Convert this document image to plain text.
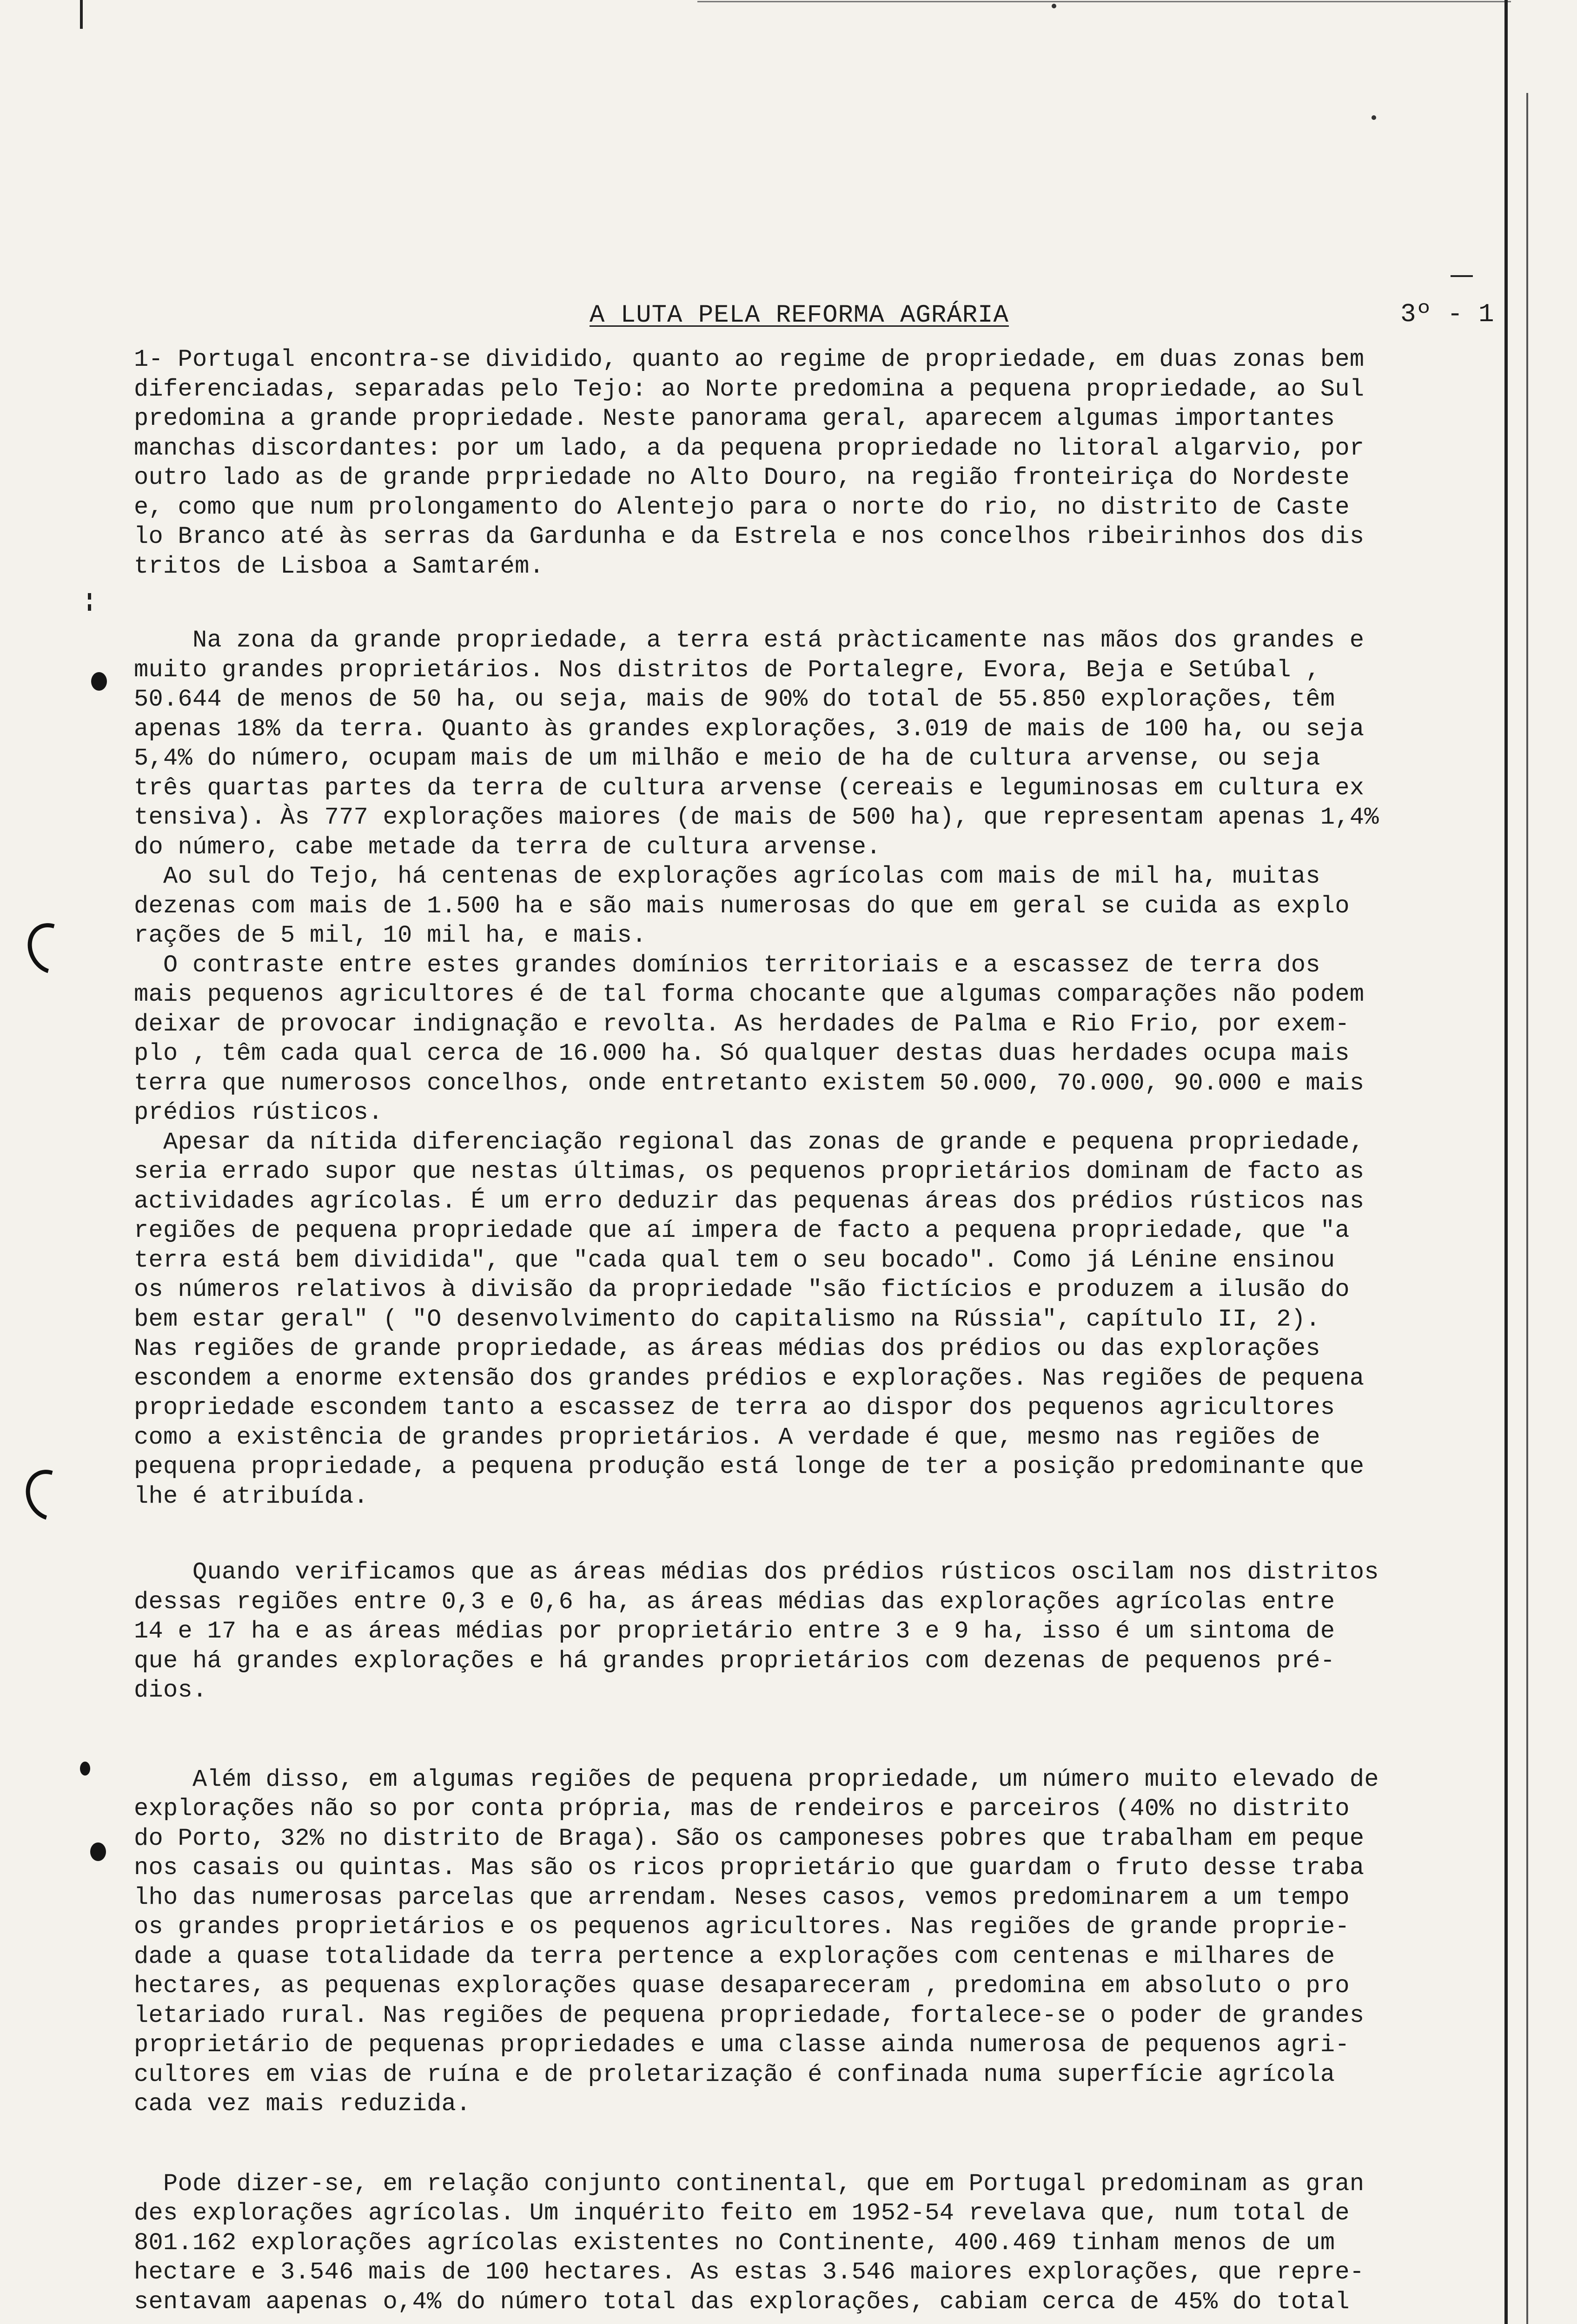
A LUTA PELA REFORMA AGRÁRIA	3º - 1

1- Portugal encontra-se dividido, quanto ao regime de propriedade, em duas zonas bem
diferenciadas, separadas pelo Tejo: ao Norte predomina a pequena propriedade, ao Sul
predomina a grande propriedade. Neste panorama geral, aparecem algumas importantes
manchas discordantes: por um lado, a da pequena propriedade no litoral algarvio, por
outro lado as de grande prpriedade no Alto Douro, na região fronteiriça do Nordeste
e, como que num prolongamento do Alentejo para o norte do rio, no distrito de Caste
lo Branco até às serras da Gardunha e da Estrela e nos concelhos ribeirinhos dos dis
tritos de Lisboa a Samtarém.

Na zona da grande propriedade, a terra está pràcticamente nas mãos dos grandes e
muito grandes proprietários. Nos distritos de Portalegre, Evora, Beja e Setúbal ,
50.644 de menos de 50 ha, ou seja, mais de 90% do total de 55.850 explorações, têm
apenas 18% da terra. Quanto às grandes explorações, 3.019 de mais de 100 ha, ou seja
5,4% do número, ocupam mais de um milhão e meio de ha de cultura arvense, ou seja
três quartas partes da terra de cultura arvense (cereais e leguminosas em cultura ex
tensiva). Às 777 explorações maiores (de mais de 500 ha), que representam apenas 1,4%
do número, cabe metade da terra de cultura arvense.
Ao sul do Tejo, há centenas de explorações agrícolas com mais de mil ha, muitas
dezenas com mais de 1.500 ha e são mais numerosas do que em geral se cuida as explo
rações de 5 mil, 10 mil ha, e mais.
O contraste entre estes grandes domínios territoriais e a escassez de terra dos
mais pequenos agricultores é de tal forma chocante que algumas comparações não podem
deixar de provocar indignação e revolta. As herdades de Palma e Rio Frio, por exem-
plo , têm cada qual cerca de 16.000 ha. Só qualquer destas duas herdades ocupa mais
terra que numerosos concelhos, onde entretanto existem 50.000, 70.000, 90.000 e mais
prédios rústicos.
Apesar da nítida diferenciação regional das zonas de grande e pequena propriedade,
seria errado supor que nestas últimas, os pequenos proprietários dominam de facto as
actividades agrícolas. É um erro deduzir das pequenas áreas dos prédios rústicos nas
regiões de pequena propriedade que aí impera de facto a pequena propriedade, que "a
terra está bem dividida", que "cada qual tem o seu bocado". Como já Lénine ensinou
os números relativos à divisão da propriedade "são fictícios e produzem a ilusão do
bem estar geral" ( "O desenvolvimento do capitalismo na Rússia", capítulo II, 2).
Nas regiões de grande propriedade, as áreas médias dos prédios ou das explorações
escondem a enorme extensão dos grandes prédios e explorações. Nas regiões de pequena
propriedade escondem tanto a escassez de terra ao dispor dos pequenos agricultores
como a existência de grandes proprietários. A verdade é que, mesmo nas regiões de
pequena propriedade, a pequena produção está longe de ter a posição predominante que
lhe é atribuída.

Quando verificamos que as áreas médias dos prédios rústicos oscilam nos distritos
dessas regiões entre 0,3 e 0,6 ha, as áreas médias das explorações agrícolas entre
14 e 17 ha e as áreas médias por proprietário entre 3 e 9 ha, isso é um sintoma de
que há grandes explorações e há grandes proprietários com dezenas de pequenos pré-
dios.

Além disso, em algumas regiões de pequena propriedade, um número muito elevado de
explorações não so por conta própria, mas de rendeiros e parceiros (40% no distrito
do Porto, 32% no distrito de Braga). São os camponeses pobres que trabalham em peque
nos casais ou quintas. Mas são os ricos proprietário que guardam o fruto desse traba
lho das numerosas parcelas que arrendam. Neses casos, vemos predominarem a um tempo
os grandes proprietários e os pequenos agricultores. Nas regiões de grande proprie-
dade a quase totalidade da terra pertence a explorações com centenas e milhares de
hectares, as pequenas explorações quase desapareceram , predomina em absoluto o pro
letariado rural. Nas regiões de pequena propriedade, fortalece-se o poder de grandes
proprietário de pequenas propriedades e uma classe ainda numerosa de pequenos agri-
cultores em vias de ruína e de proletarização é confinada numa superfície agrícola
cada vez mais reduzida.

Pode dizer-se, em relação conjunto continental, que em Portugal predominam as gran
des explorações agrícolas. Um inquérito feito em 1952-54 revelava que, num total de
801.162 explorações agrícolas existentes no Continente, 400.469 tinham menos de um
hectare e 3.546 mais de 100 hectares. As estas 3.546 maiores explorações, que repre-
sentavam aapenas o,4% do número total das explorações, cabiam cerca de 45% do total
